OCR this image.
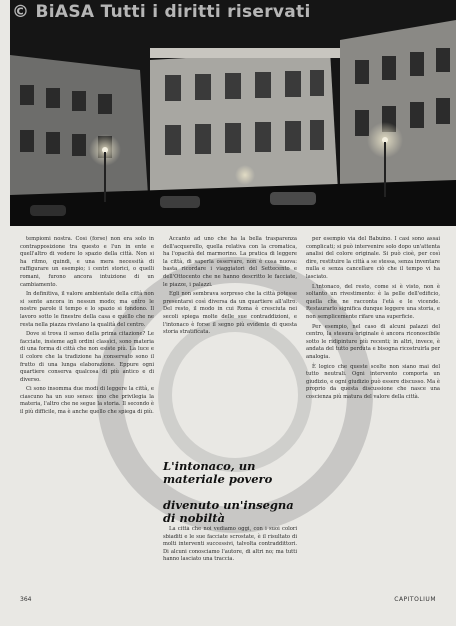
© BiASA Tutti i diritti riservati

tempiomi nostra. Così (forse) non era solo in contrapposizione tra questo e l'un in ente e quell'altro di vedere lo spazio della città. Non si ha ritmo, quindi, e una mera necessità di raffigurare un esempio; i centri storici, o quelli romani, furono ancora intuizione di un cambiamento.

In definitiva, il valore ambientale della città non si sente ancora in nessun modo; ma entro le nostre parole il tempo e lo spazio si fondono. Il lavoro sotto le finestre della casa e quello che ne resta nella piazza rivelano la qualità del centro.

Dove si trova il senso della prima citazione? Le facciate, insieme agli ordini classici, sono materia di una forma di città che non esiste più. La luce e il colore che la tradizione ha conservato sono il frutto di una lunga elaborazione. Eppure ogni quartiere conserva qualcosa di più antico e di diverso.

Ci sono insomma due modi di leggere la città, e ciascuno ha un suo senso: uno che privilegia la materia, l'altro che ne segue la storia. Il secondo è il più difficile, ma è anche quello che spiega di più.

Accanto ad uno che ha la bella trasparenza dell'acquerello, quella relativa con la cromatica, ha l'opacità del marmorino. La pratica di leggere la città, di saperla osservare, non è cosa nuova: basta ricordare i viaggiatori del Settecento e dell'Ottocento che ne hanno descritto le facciate, le piazze, i palazzi.

Egli non sembrava sorpreso che la città potesse presentarsi così diversa da un quartiere all'altro. Del resto, il modo in cui Roma è cresciuta nei secoli spiega molte delle sue contraddizioni, e l'intonaco è forse il segno più evidente di questa storia stratificata.

L'intonaco, un materiale povero
divenuto un'insegna di nobiltà

La città che noi vediamo oggi, con i suoi colori sbiaditi e le sue facciate scrostate, è il risultato di molti interventi successivi, talvolta contraddittori. Di alcuni conosciamo l'autore, di altri no; ma tutti hanno lasciato una traccia.

per esempio via del Babuino. I casi sono assai complicati; si può intervenire solo dopo un'attenta analisi del colore originale. Si può cioè, per così dire, restituire la città a se stessa, senza inventare nulla e senza cancellare ciò che il tempo vi ha lasciato.

L'intonaco, del resto, come si è visto, non è soltanto un rivestimento: è la pelle dell'edificio, quella che ne racconta l'età e le vicende. Restaurarlo significa dunque leggere una storia, e non semplicemente rifare una superficie.

Per esempio, nel caso di alcuni palazzi del centro, la stesura originale è ancora riconoscibile sotto le ridipinture più recenti; in altri, invece, è andata del tutto perduta e bisogna ricostruirla per analogia.

È logico che queste scelte non siano mai del tutto neutrali. Ogni intervento comporta un giudizio, e ogni giudizio può essere discusso. Ma è proprio da questa discussione che nasce una coscienza più matura del valore della città.

364	CAPITOLIUM
